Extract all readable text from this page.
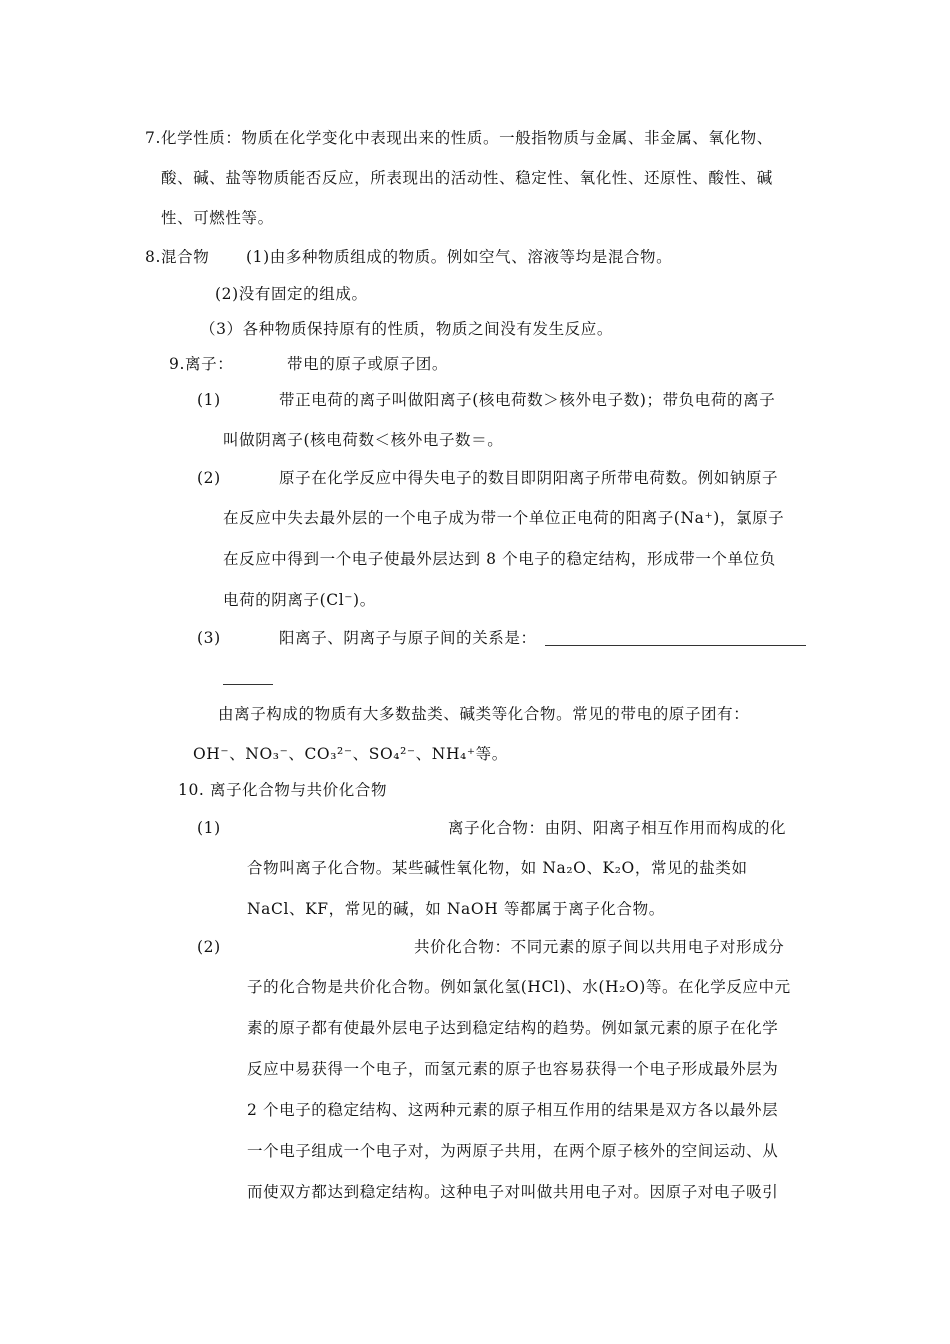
7.化学性质：物质在化学变化中表现出来的性质。一般指物质与金属、非金属、氧化物、
酸、碱、盐等物质能否反应，所表现出的活动性、稳定性、氧化性、还原性、酸性、碱
性、可燃性等。
8.混合物 (1)由多种物质组成的物质。例如空气、溶液等均是混合物。
(2)没有固定的组成。
（3）各种物质保持原有的性质，物质之间没有发生反应。
9.离子：	带电的原子或原子团。
(1)	带正电荷的离子叫做阳离子(核电荷数＞核外电子数)；带负电荷的离子
叫做阴离子(核电荷数＜核外电子数＝。
(2)	原子在化学反应中得失电子的数目即阴阳离子所带电荷数。例如钠原子
在反应中失去最外层的一个电子成为带一个单位正电荷的阳离子(Na⁺)，氯原子
在反应中得到一个电子使最外层达到 8 个电子的稳定结构，形成带一个单位负
电荷的阴离子(Cl⁻)。
(3)	阳离子、阴离子与原子间的关系是：
由离子构成的物质有大多数盐类、碱类等化合物。常见的带电的原子团有：
OH⁻、NO₃⁻、CO₃²⁻、SO₄²⁻、NH₄⁺等。
10. 离子化合物与共价化合物
(1)	离子化合物：由阴、阳离子相互作用而构成的化
合物叫离子化合物。某些碱性氧化物，如 Na₂O、K₂O，常见的盐类如
NaCl、KF，常见的碱，如 NaOH 等都属于离子化合物。
(2)	共价化合物：不同元素的原子间以共用电子对形成分
子的化合物是共价化合物。例如氯化氢(HCl)、水(H₂O)等。在化学反应中元
素的原子都有使最外层电子达到稳定结构的趋势。例如氯元素的原子在化学
反应中易获得一个电子，而氢元素的原子也容易获得一个电子形成最外层为
2 个电子的稳定结构、这两种元素的原子相互作用的结果是双方各以最外层
一个电子组成一个电子对，为两原子共用，在两个原子核外的空间运动、从
而使双方都达到稳定结构。这种电子对叫做共用电子对。因原子对电子吸引
